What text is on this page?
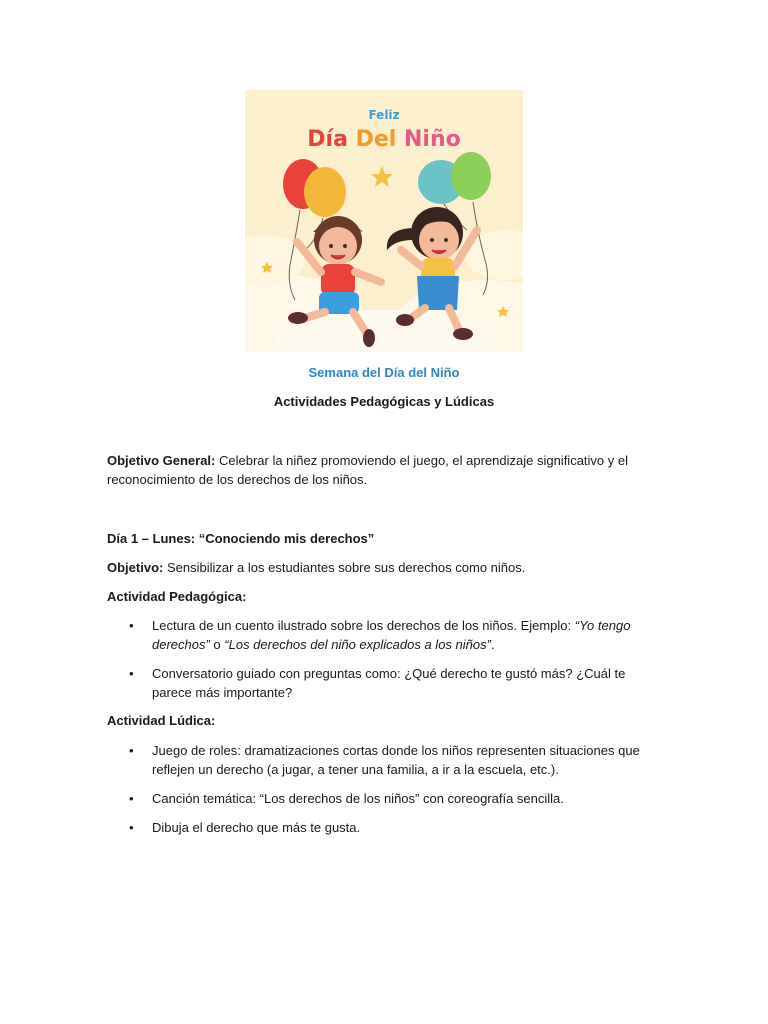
Feliz
Día Del Niño
Semana del Día del Niño
Actividades Pedagógicas y Lúdicas
Objetivo General: Celebrar la niñez promoviendo el juego, el aprendizaje significativo y el reconocimiento de los derechos de los niños.
Día 1 – Lunes: “Conociendo mis derechos”
Objetivo: Sensibilizar a los estudiantes sobre sus derechos como niños.
Actividad Pedagógica:
• Lectura de un cuento ilustrado sobre los derechos de los niños. Ejemplo: “Yo tengo derechos” o “Los derechos del niño explicados a los niños”.
• Conversatorio guiado con preguntas como: ¿Qué derecho te gustó más? ¿Cuál te parece más importante?
Actividad Lúdica:
• Juego de roles: dramatizaciones cortas donde los niños representen situaciones que reflejen un derecho (a jugar, a tener una familia, a ir a la escuela, etc.).
• Canción temática: “Los derechos de los niños” con coreografía sencilla.
• Dibuja el derecho que más te gusta.
